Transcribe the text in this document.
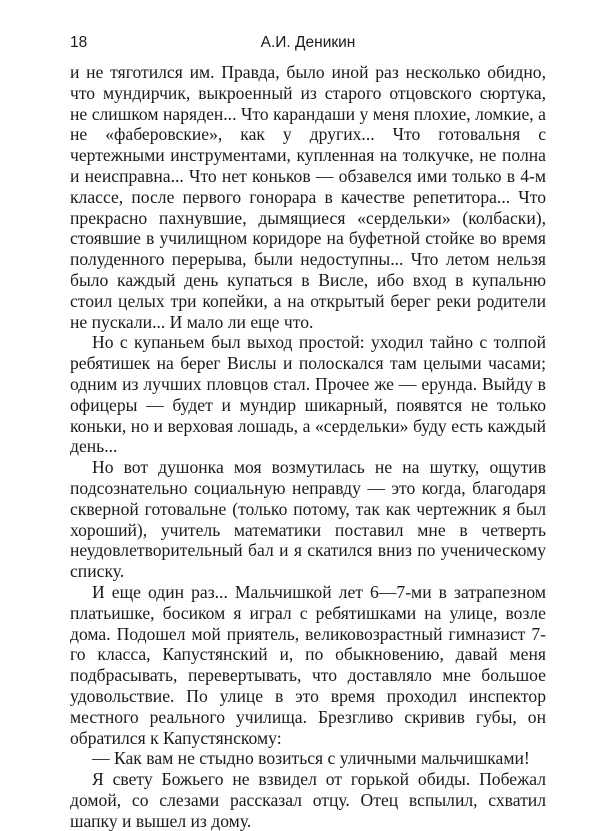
18	А.И. Деникин

и не тяготился им. Правда, было иной раз несколько обидно, что мундирчик, выкроенный из старого отцовского сюртука, не слишком наряден... Что карандаши у меня плохие, ломкие, а не «фаберовские», как у других... Что готовальня с чертежными инструментами, купленная на толкучке, не полна и неисправна... Что нет коньков — обзавелся ими только в 4-м классе, после первого гонорара в качестве репетитора... Что прекрасно пахнувшие, дымящиеся «сердельки» (колбаски), стоявшие в училищном коридоре на буфетной стойке во время полуденного перерыва, были недоступны... Что летом нельзя было каждый день купаться в Висле, ибо вход в купальню стоил целых три копейки, а на открытый берег реки родители не пускали... И мало ли еще что.

Но с купаньем был выход простой: уходил тайно с толпой ребятишек на берег Вислы и полоскался там целыми часами; одним из лучших пловцов стал. Прочее же — ерунда. Выйду в офицеры — будет и мундир шикарный, появятся не только коньки, но и верховая лошадь, а «сердельки» буду есть каждый день...

Но вот душонка моя возмутилась не на шутку, ощутив подсознательно социальную неправду — это когда, благодаря скверной готовальне (только потому, так как чертежник я был хороший), учитель математики поставил мне в четверть неудовлетворительный бал и я скатился вниз по ученическому списку.

И еще один раз... Мальчишкой лет 6—7-ми в затрапезном платьишке, босиком я играл с ребятишками на улице, возле дома. Подошел мой приятель, великовозрастный гимназист 7-го класса, Капустянский и, по обыкновению, давай меня подбрасывать, перевертывать, что доставляло мне большое удовольствие. По улице в это время проходил инспектор местного реального училища. Брезгливо скривив губы, он обратился к Капустянскому:

— Как вам не стыдно возиться с уличными мальчишками!

Я свету Божьего не взвидел от горькой обиды. Побежал домой, со слезами рассказал отцу. Отец вспылил, схватил шапку и вышел из дому.
